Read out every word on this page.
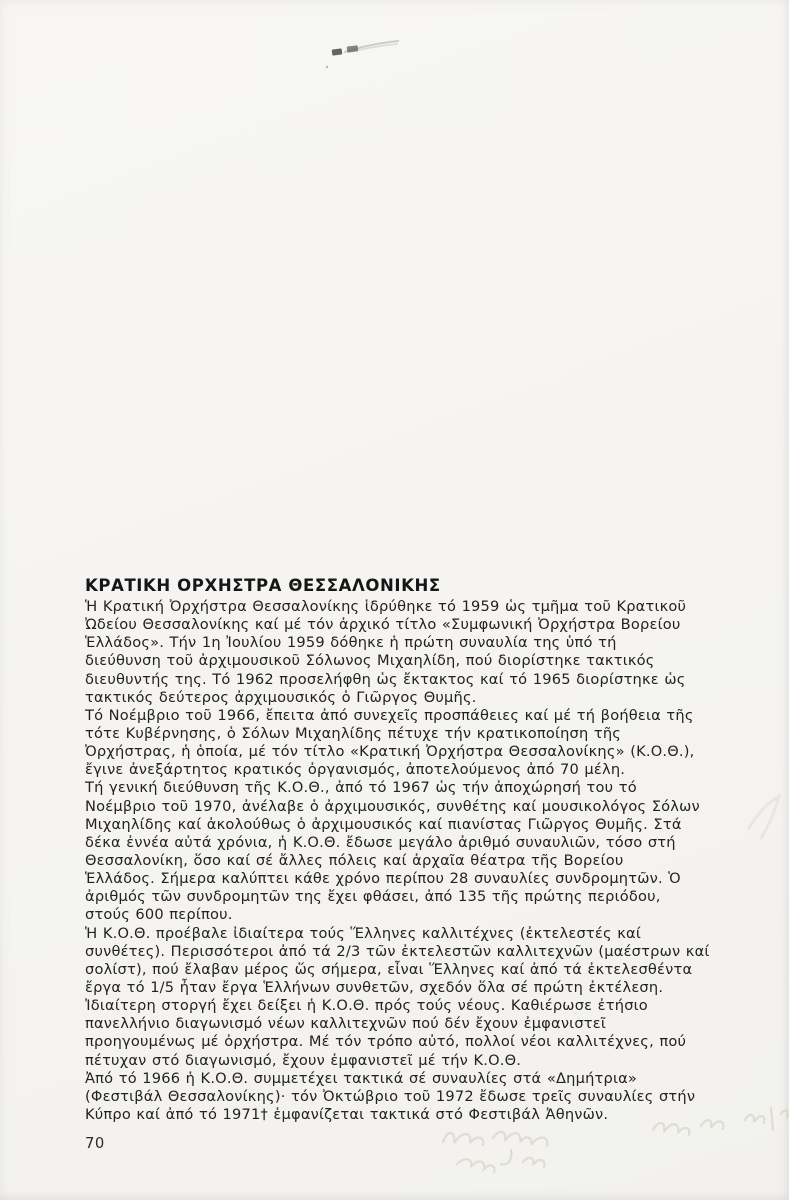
ΚΡΑΤΙΚΗ ΟΡΧΗΣΤΡΑ ΘΕΣΣΑΛΟΝΙΚΗΣ
Ἡ Κρατική Ὀρχήστρα Θεσσαλονίκης ἱδρύθηκε τό 1959 ὡς τμῆμα τοῦ Κρατικοῦ
Ὠδείου Θεσσαλονίκης καί μέ τόν ἀρχικό τίτλο «Συμφωνική Ὀρχήστρα Βορείου
Ἑλλάδος». Τήν 1η Ἰουλίου 1959 δόθηκε ἡ πρώτη συναυλία της ὑπό τή
διεύθυνση τοῦ ἀρχιμουσικοῦ Σόλωνος Μιχαηλίδη, πού διορίστηκε τακτικός
διευθυντής της. Τό 1962 προσελήφθη ὡς ἔκτακτος καί τό 1965 διορίστηκε ὡς
τακτικός δεύτερος ἀρχιμουσικός ὁ Γιῶργος Θυμῆς.
Τό Νοέμβριο τοῦ 1966, ἔπειτα ἀπό συνεχεῖς προσπάθειες καί μέ τή βοήθεια τῆς
τότε Κυβέρνησης, ὁ Σόλων Μιχαηλίδης πέτυχε τήν κρατικοποίηση τῆς
Ὀρχήστρας, ἡ ὁποία, μέ τόν τίτλο «Κρατική Ὀρχήστρα Θεσσαλονίκης» (Κ.Ο.Θ.),
ἔγινε ἀνεξάρτητος κρατικός ὀργανισμός, ἀποτελούμενος ἀπό 70 μέλη.
Τή γενική διεύθυνση τῆς Κ.Ο.Θ., ἀπό τό 1967 ὡς τήν ἀποχώρησή του τό
Νοέμβριο τοῦ 1970, ἀνέλαβε ὁ ἀρχιμουσικός, συνθέτης καί μουσικολόγος Σόλων
Μιχαηλίδης καί ἀκολούθως ὁ ἀρχιμουσικός καί πιανίστας Γιῶργος Θυμῆς. Στά
δέκα ἐννέα αὐτά χρόνια, ἡ Κ.Ο.Θ. ἔδωσε μεγάλο ἀριθμό συναυλιῶν, τόσο στή
Θεσσαλονίκη, ὅσο καί σέ ἄλλες πόλεις καί ἀρχαῖα θέατρα τῆς Βορείου
Ἑλλάδος. Σήμερα καλύπτει κάθε χρόνο περίπου 28 συναυλίες συνδρομητῶν. Ὁ
ἀριθμός τῶν συνδρομητῶν της ἔχει φθάσει, ἀπό 135 τῆς πρώτης περιόδου,
στούς 600 περίπου.
Ἡ Κ.Ο.Θ. προέβαλε ἰδιαίτερα τούς Ἕλληνες καλλιτέχνες (ἐκτελεστές καί
συνθέτες). Περισσότεροι ἀπό τά 2/3 τῶν ἐκτελεστῶν καλλιτεχνῶν (μαέστρων καί
σολίστ), πού ἔλαβαν μέρος ὥς σήμερα, εἶναι Ἕλληνες καί ἀπό τά ἐκτελεσθέντα
ἔργα τό 1/5 ἦταν ἔργα Ἑλλήνων συνθετῶν, σχεδόν ὅλα σέ πρώτη ἐκτέλεση.
Ἰδιαίτερη στοργή ἔχει δείξει ἡ Κ.Ο.Θ. πρός τούς νέους. Καθιέρωσε ἐτήσιο
πανελλήνιο διαγωνισμό νέων καλλιτεχνῶν πού δέν ἔχουν ἐμφανιστεῖ
προηγουμένως μέ ὀρχήστρα. Μέ τόν τρόπο αὐτό, πολλοί νέοι καλλιτέχνες, πού
πέτυχαν στό διαγωνισμό, ἔχουν ἐμφανιστεῖ μέ τήν Κ.Ο.Θ.
Ἀπό τό 1966 ἡ Κ.Ο.Θ. συμμετέχει τακτικά σέ συναυλίες στά «Δημήτρια»
(Φεστιβάλ Θεσσαλονίκης)· τόν Ὀκτώβριο τοῦ 1972 ἔδωσε τρεῖς συναυλίες στήν
Κύπρο καί ἀπό τό 1971† ἐμφανίζεται τακτικά στό Φεστιβάλ Ἀθηνῶν.
70
